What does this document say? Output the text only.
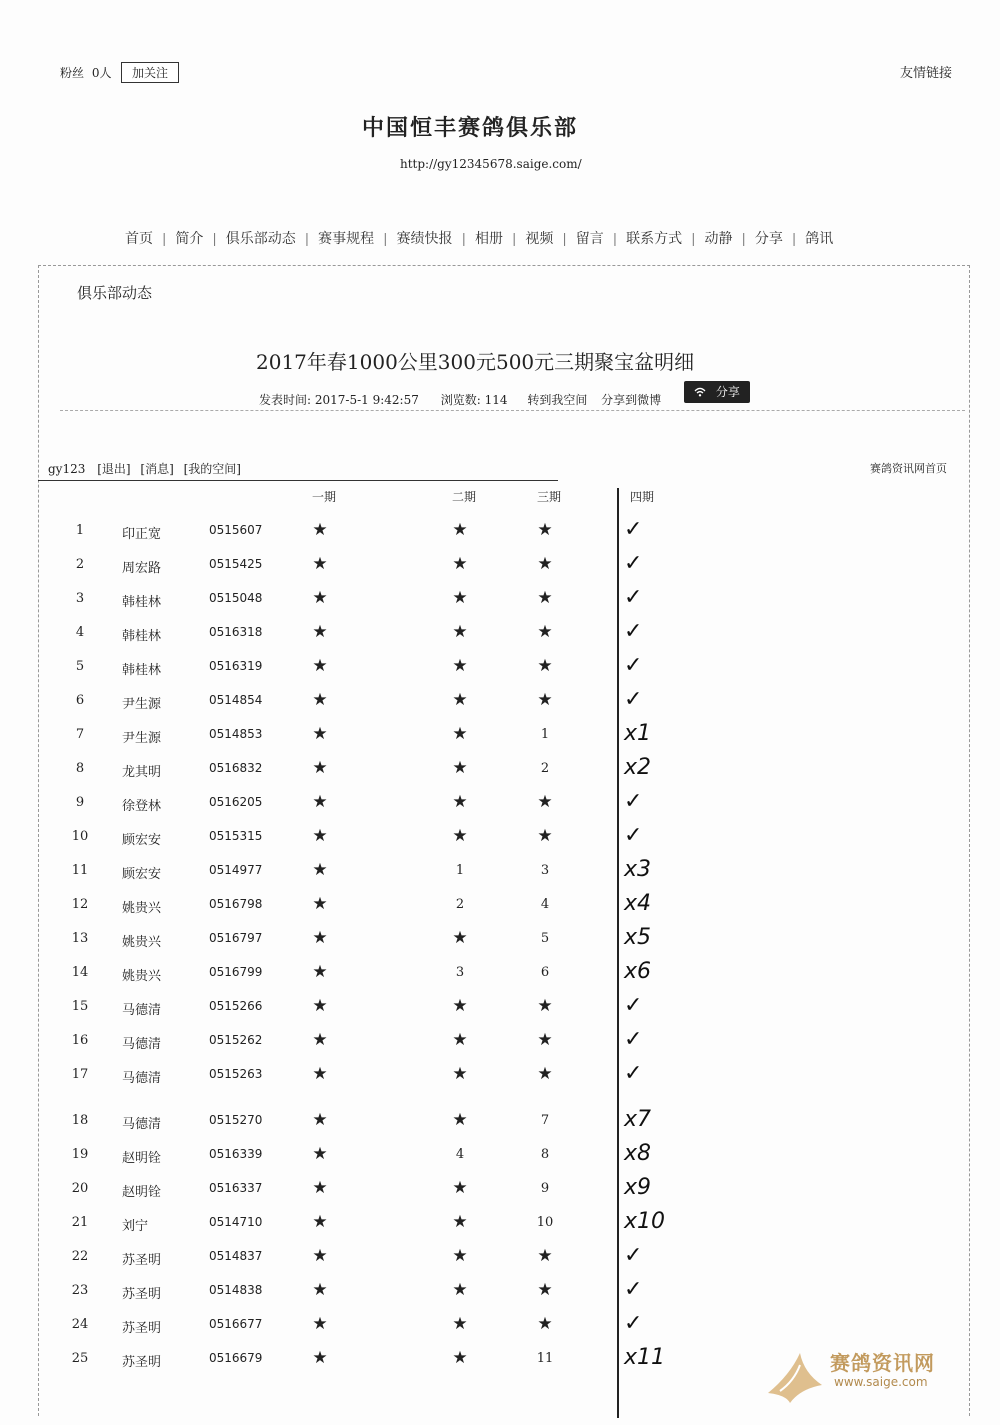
粉丝 0人	加关注	友情链接
中国恒丰赛鸽俱乐部
http://gy12345678.saige.com/
首页 | 简介 | 俱乐部动态 | 赛事规程 | 赛绩快报 | 相册 | 视频 | 留言 | 联系方式 | 动静 | 分享 | 鸽讯
俱乐部动态
2017年春1000公里300元500元三期聚宝盆明细
发表时间: 2017-5-1 9:42:57 浏览数: 114 转到我空间 分享到微博
分享
gy123 [退出] [消息] [我的空间]	赛鸽资讯网首页
一期	二期	三期	四期
1	印正宽	0515607	★	★	★	✓
2	周宏路	0515425	★	★	★	✓
3	韩桂林	0515048	★	★	★	✓
4	韩桂林	0516318	★	★	★	✓
5	韩桂林	0516319	★	★	★	✓
6	尹生源	0514854	★	★	★	✓
7	尹生源	0514853	★	★	1	x1
8	龙其明	0516832	★	★	2	x2
9	徐登林	0516205	★	★	★	✓
10	顾宏安	0515315	★	★	★	✓
11	顾宏安	0514977	★	1	3	x3
12	姚贵兴	0516798	★	2	4	x4
13	姚贵兴	0516797	★	★	5	x5
14	姚贵兴	0516799	★	3	6	x6
15	马德清	0515266	★	★	★	✓
16	马德清	0515262	★	★	★	✓
17	马德清	0515263	★	★	★	✓
18	马德清	0515270	★	★	7	x7
19	赵明铨	0516339	★	4	8	x8
20	赵明铨	0516337	★	★	9	x9
21	刘宁	0514710	★	★	10	x10
22	苏圣明	0514837	★	★	★	✓
23	苏圣明	0514838	★	★	★	✓
24	苏圣明	0516677	★	★	★	✓
25	苏圣明	0516679	★	★	11	x11	赛鸽资讯网
www.saige.com
